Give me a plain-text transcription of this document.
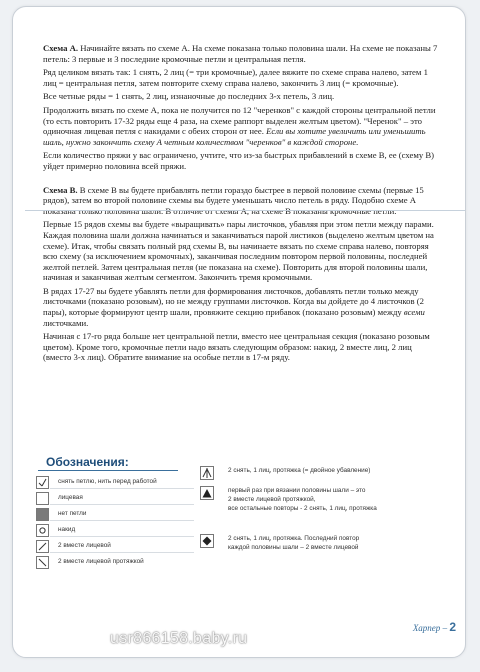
Схема А. Начинайте вязать по схеме А. На схеме показана только половина шали. На схеме не показаны 7 петель: 3 первые и 3 последние кромочные петли и центральная петля.

Ряд целиком вязать так: 1 снять, 2 лиц (= три кромочные), далее вяжите по схеме справа налево, затем 1 лиц = центральная петля, затем повторите схему справа налево, закончить 3 лиц (= кромочные).

Все четные ряды = 1 снять, 2 лиц, изнаночные до последних 3-х петель, 3 лиц.

Продолжить вязать по схеме А, пока не получится по 12 "черенков" с каждой стороны центральной петли (то есть повторить 17-32 ряды еще 4 раза, на схеме раппорт выделен желтым цветом). "Черенок" – это одиночная лицевая петля с накидами с обеих сторон от нее. Если вы хотите увеличить или уменьшить шаль, нужно закончить схему А четным количеством "черенков" в каждой стороне.

Если количество пряжи у вас ограничено, учтите, что из-за быстрых прибавлений в схеме В, ее (схему В) уйдет примерно половина всей пряжи.

Схема В. В схеме В вы будете прибавлять петли гораздо быстрее в первой половине схемы (первые 15 рядов), затем во второй половине схемы вы будете уменьшать число петель в ряду. Подобно схеме А

Первые 15 рядов схемы вы будете «выращивать» пары листочков, убавляя при этом петли между парами. Каждая половина шали должна начинаться и заканчиваться парой листиков (выделено желтым цветом на схеме). Итак, чтобы связать полный ряд схемы В, вы начинаете вязать по схеме справа налево, повторяя всю схему (за исключением кромочных), заканчивая последним повтором первой половины, последней желтой петлей. Затем центральная петля (не показана на схеме). Повторить для второй половины шали, начиная и заканчивая желтым сегментом. Закончить тремя кромочными.

В рядах 17-27 вы будете убавлять петли для формирования листочков, добавлять петли только между листочками (показано розовым), но не между группами листочков. Когда вы дойдете до 4 листочков (2 пары), которые формируют центр шали, провяжите секцию прибавок (показано розовым) между всеми листочками.

Начиная с 17-го ряда больше нет центральной петли, вместо нее центральная секция (показано розовым цветом). Кроме того, кромочные петли надо вязать следующим образом: накид, 2 вместе лиц, 2 лиц (вместо 3-х лиц). Обратите внимание на особые петли в 17-м ряду.

Обозначения:
снять петлю, нить перед работой
лицевая
нет петли
накид
2 вместе лицевой
2 вместе лицевой протяжкой
2 снять, 1 лиц, протяжка (= двойное убавление)
первый раз при вязании половины шали – это
2 вместе лицевой протяжкой,
все остальные повторы - 2 снять, 1 лиц, протяжка
2 снять, 1 лиц, протяжка. Последний повтор
каждой половины шали – 2 вместе лицевой
Харпер – 2
usr866158.baby.ru
